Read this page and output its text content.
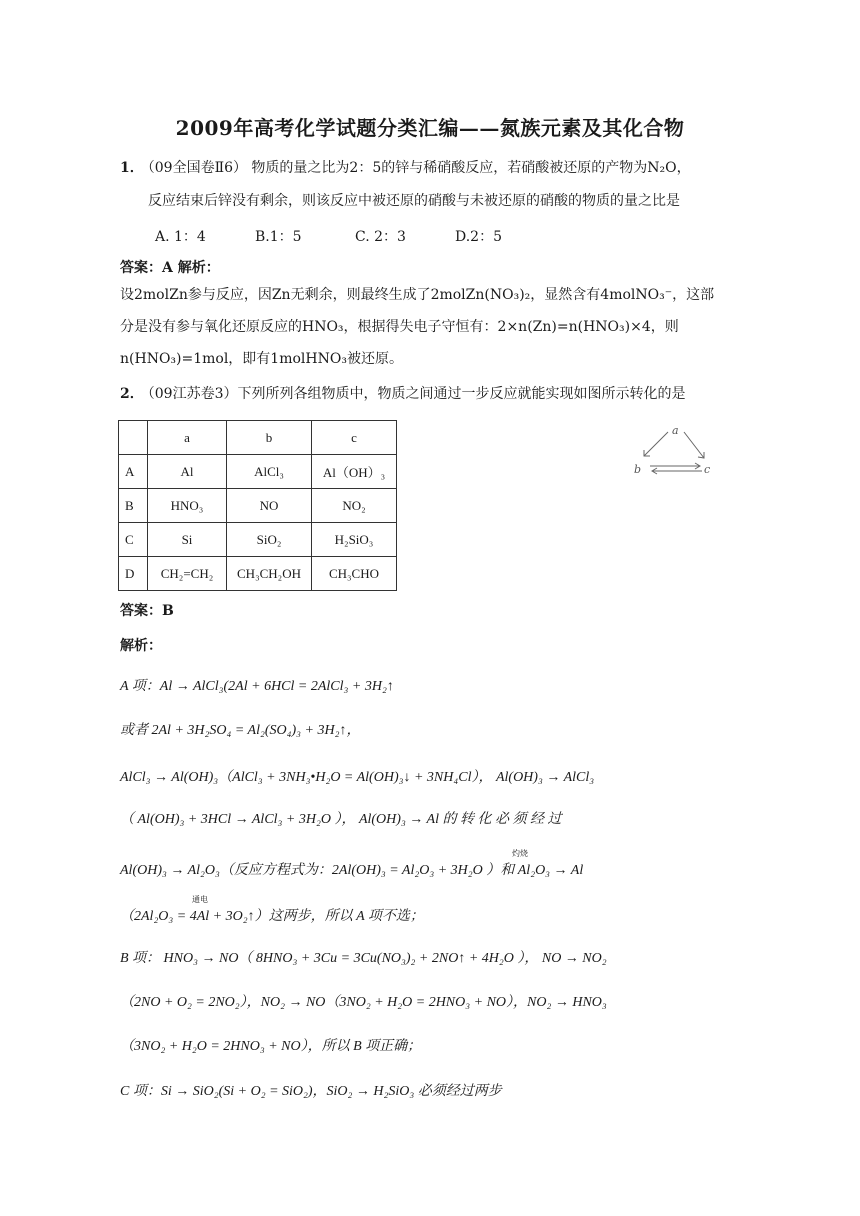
2009年高考化学试题分类汇编——氮族元素及其化合物
1． （09全国卷Ⅱ6） 物质的量之比为2：5的锌与稀硝酸反应，若硝酸被还原的产物为N₂O，
反应结束后锌没有剩余，则该反应中被还原的硝酸与未被还原的硝酸的物质的量之比是
A. 1：4	B.1：5	C. 2：3	D.2：5
答案：A 解析：
设2molZn参与反应，因Zn无剩余，则最终生成了2molZn(NO₃)₂，显然含有4molNO₃⁻，这部
分是没有参与氧化还原反应的HNO₃，根据得失电子守恒有：2×n(Zn)=n(HNO₃)×4，则
n(HNO₃)=1mol，即有1molHNO₃被还原。
2． （09江苏卷3）下列所列各组物质中，物质之间通过一步反应就能实现如图所示转化的是
	a	b	c
A	Al	AlCl₃	Al（OH）₃
B	HNO₃	NO	NO₂
C	Si	SiO₂	H₂SiO₃
D	CH₂=CH₂	CH₃CH₂OH	CH₃CHO
a
b	c
答案：B
解析：
A 项：Al → AlCl₃(2Al + 6HCl = 2AlCl₃ + 3H₂↑
或者 2Al + 3H₂SO₄ = Al₂(SO₄)₃ + 3H₂↑，
AlCl₃ → Al(OH)₃（AlCl₃ + 3NH₃•H₂O = Al(OH)₃↓ + 3NH₄Cl）， Al(OH)₃ → AlCl₃
（ Al(OH)₃ + 3HCl → AlCl₃ + 3H₂O ）， Al(OH)₃ → Al 的 转 化 必 须 经 过
灼烧
Al(OH)₃ → Al₂O₃（反应方程式为：2Al(OH)₃ = Al₂O₃ + 3H₂O ）和 Al₂O₃ → Al
通电
（2Al₂O₃ = 4Al + 3O₂↑）这两步，所以 A 项不选；
B 项： HNO₃ → NO（ 8HNO₃ + 3Cu = 3Cu(NO₃)₂ + 2NO↑ + 4H₂O ）， NO → NO₂
（2NO + O₂ = 2NO₂），NO₂ → NO（3NO₂ + H₂O = 2HNO₃ + NO），NO₂ → HNO₃
（3NO₂ + H₂O = 2HNO₃ + NO），所以 B 项正确；
C 项：Si → SiO₂(Si + O₂ = SiO₂)，SiO₂ → H₂SiO₃ 必须经过两步
